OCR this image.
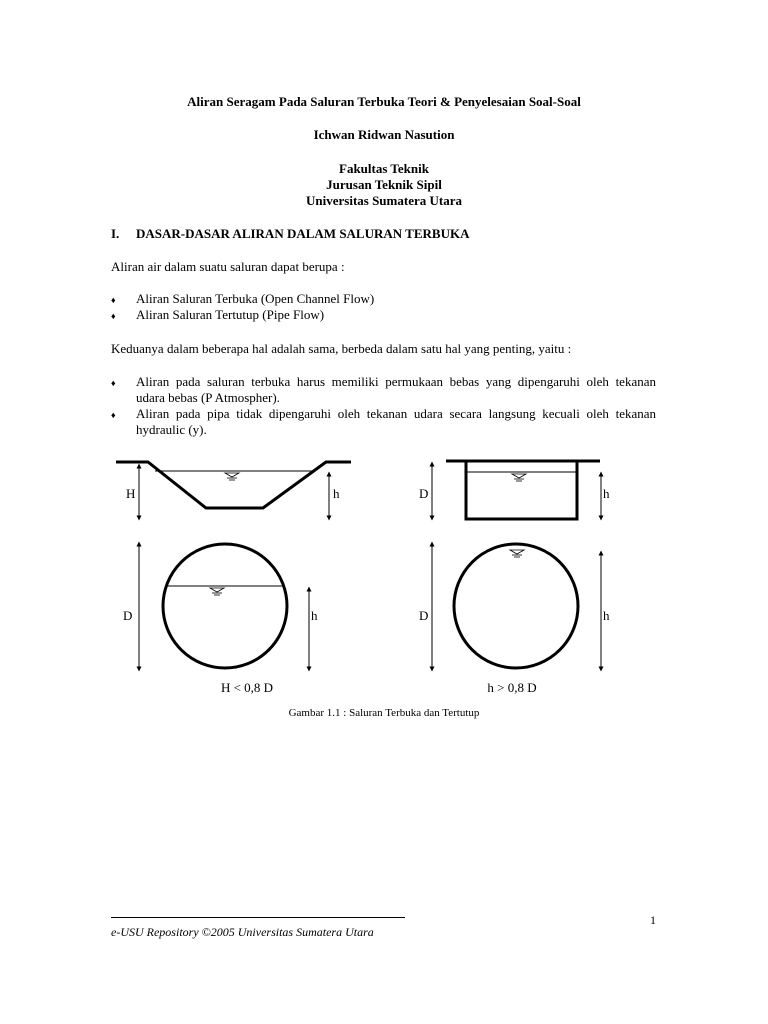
Aliran Seragam Pada Saluran Terbuka Teori & Penyelesaian Soal-Soal
Ichwan Ridwan Nasution
Fakultas Teknik
Jurusan Teknik Sipil
Universitas Sumatera Utara
I. DASAR-DASAR ALIRAN DALAM SALURAN TERBUKA
Aliran air dalam suatu saluran dapat berupa :
♦ Aliran Saluran Terbuka (Open Channel Flow)
♦ Aliran Saluran Tertutup (Pipe Flow)
Keduanya dalam beberapa hal adalah sama, berbeda dalam satu hal yang penting, yaitu :
♦ Aliran pada saluran terbuka harus memiliki permukaan bebas yang dipengaruhi oleh tekanan
udara bebas (P Atmospher).
♦ Aliran pada pipa tidak dipengaruhi oleh tekanan udara secara langsung kecuali oleh tekanan
hydraulic (y).
H	h	D	h
D	h	D	h
H < 0,8 D	h > 0,8 D
Gambar 1.1 : Saluran Terbuka dan Tertutup
e-USU Repository ©2005 Universitas Sumatera Utara
1
